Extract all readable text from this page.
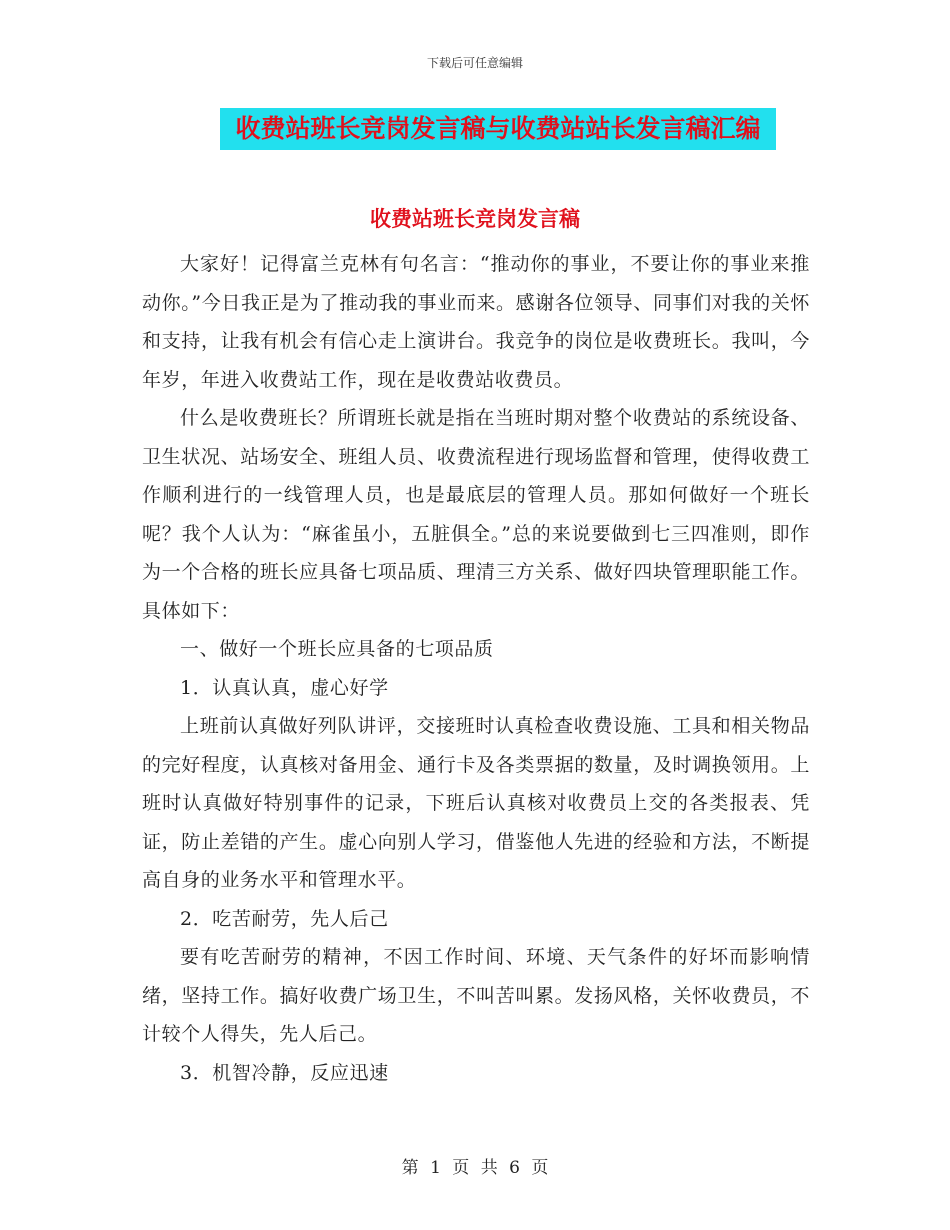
下载后可任意编辑
收费站班长竞岗发言稿与收费站站长发言稿汇编
收费站班长竞岗发言稿

大家好！记得富兰克林有句名言：“推动你的事业，不要让你的事业来推动你。”今日我正是为了推动我的事业而来。感谢各位领导、同事们对我的关怀和支持，让我有机会有信心走上演讲台。我竞争的岗位是收费班长。我叫，今年岁，年进入收费站工作，现在是收费站收费员。

什么是收费班长？所谓班长就是指在当班时期对整个收费站的系统设备、卫生状况、站场安全、班组人员、收费流程进行现场监督和管理，使得收费工作顺利进行的一线管理人员，也是最底层的管理人员。那如何做好一个班长呢？我个人认为：“麻雀虽小，五脏俱全。”总的来说要做到七三四准则，即作为一个合格的班长应具备七项品质、理清三方关系、做好四块管理职能工作。具体如下：

一、做好一个班长应具备的七项品质

1．认真认真，虚心好学

上班前认真做好列队讲评，交接班时认真检查收费设施、工具和相关物品的完好程度，认真核对备用金、通行卡及各类票据的数量，及时调换领用。上班时认真做好特别事件的记录，下班后认真核对收费员上交的各类报表、凭证，防止差错的产生。虚心向别人学习，借鉴他人先进的经验和方法，不断提高自身的业务水平和管理水平。

2．吃苦耐劳，先人后己

要有吃苦耐劳的精神，不因工作时间、环境、天气条件的好坏而影响情绪，坚持工作。搞好收费广场卫生，不叫苦叫累。发扬风格，关怀收费员，不计较个人得失，先人后己。

3．机智冷静，反应迅速

第 1 页 共 6 页
